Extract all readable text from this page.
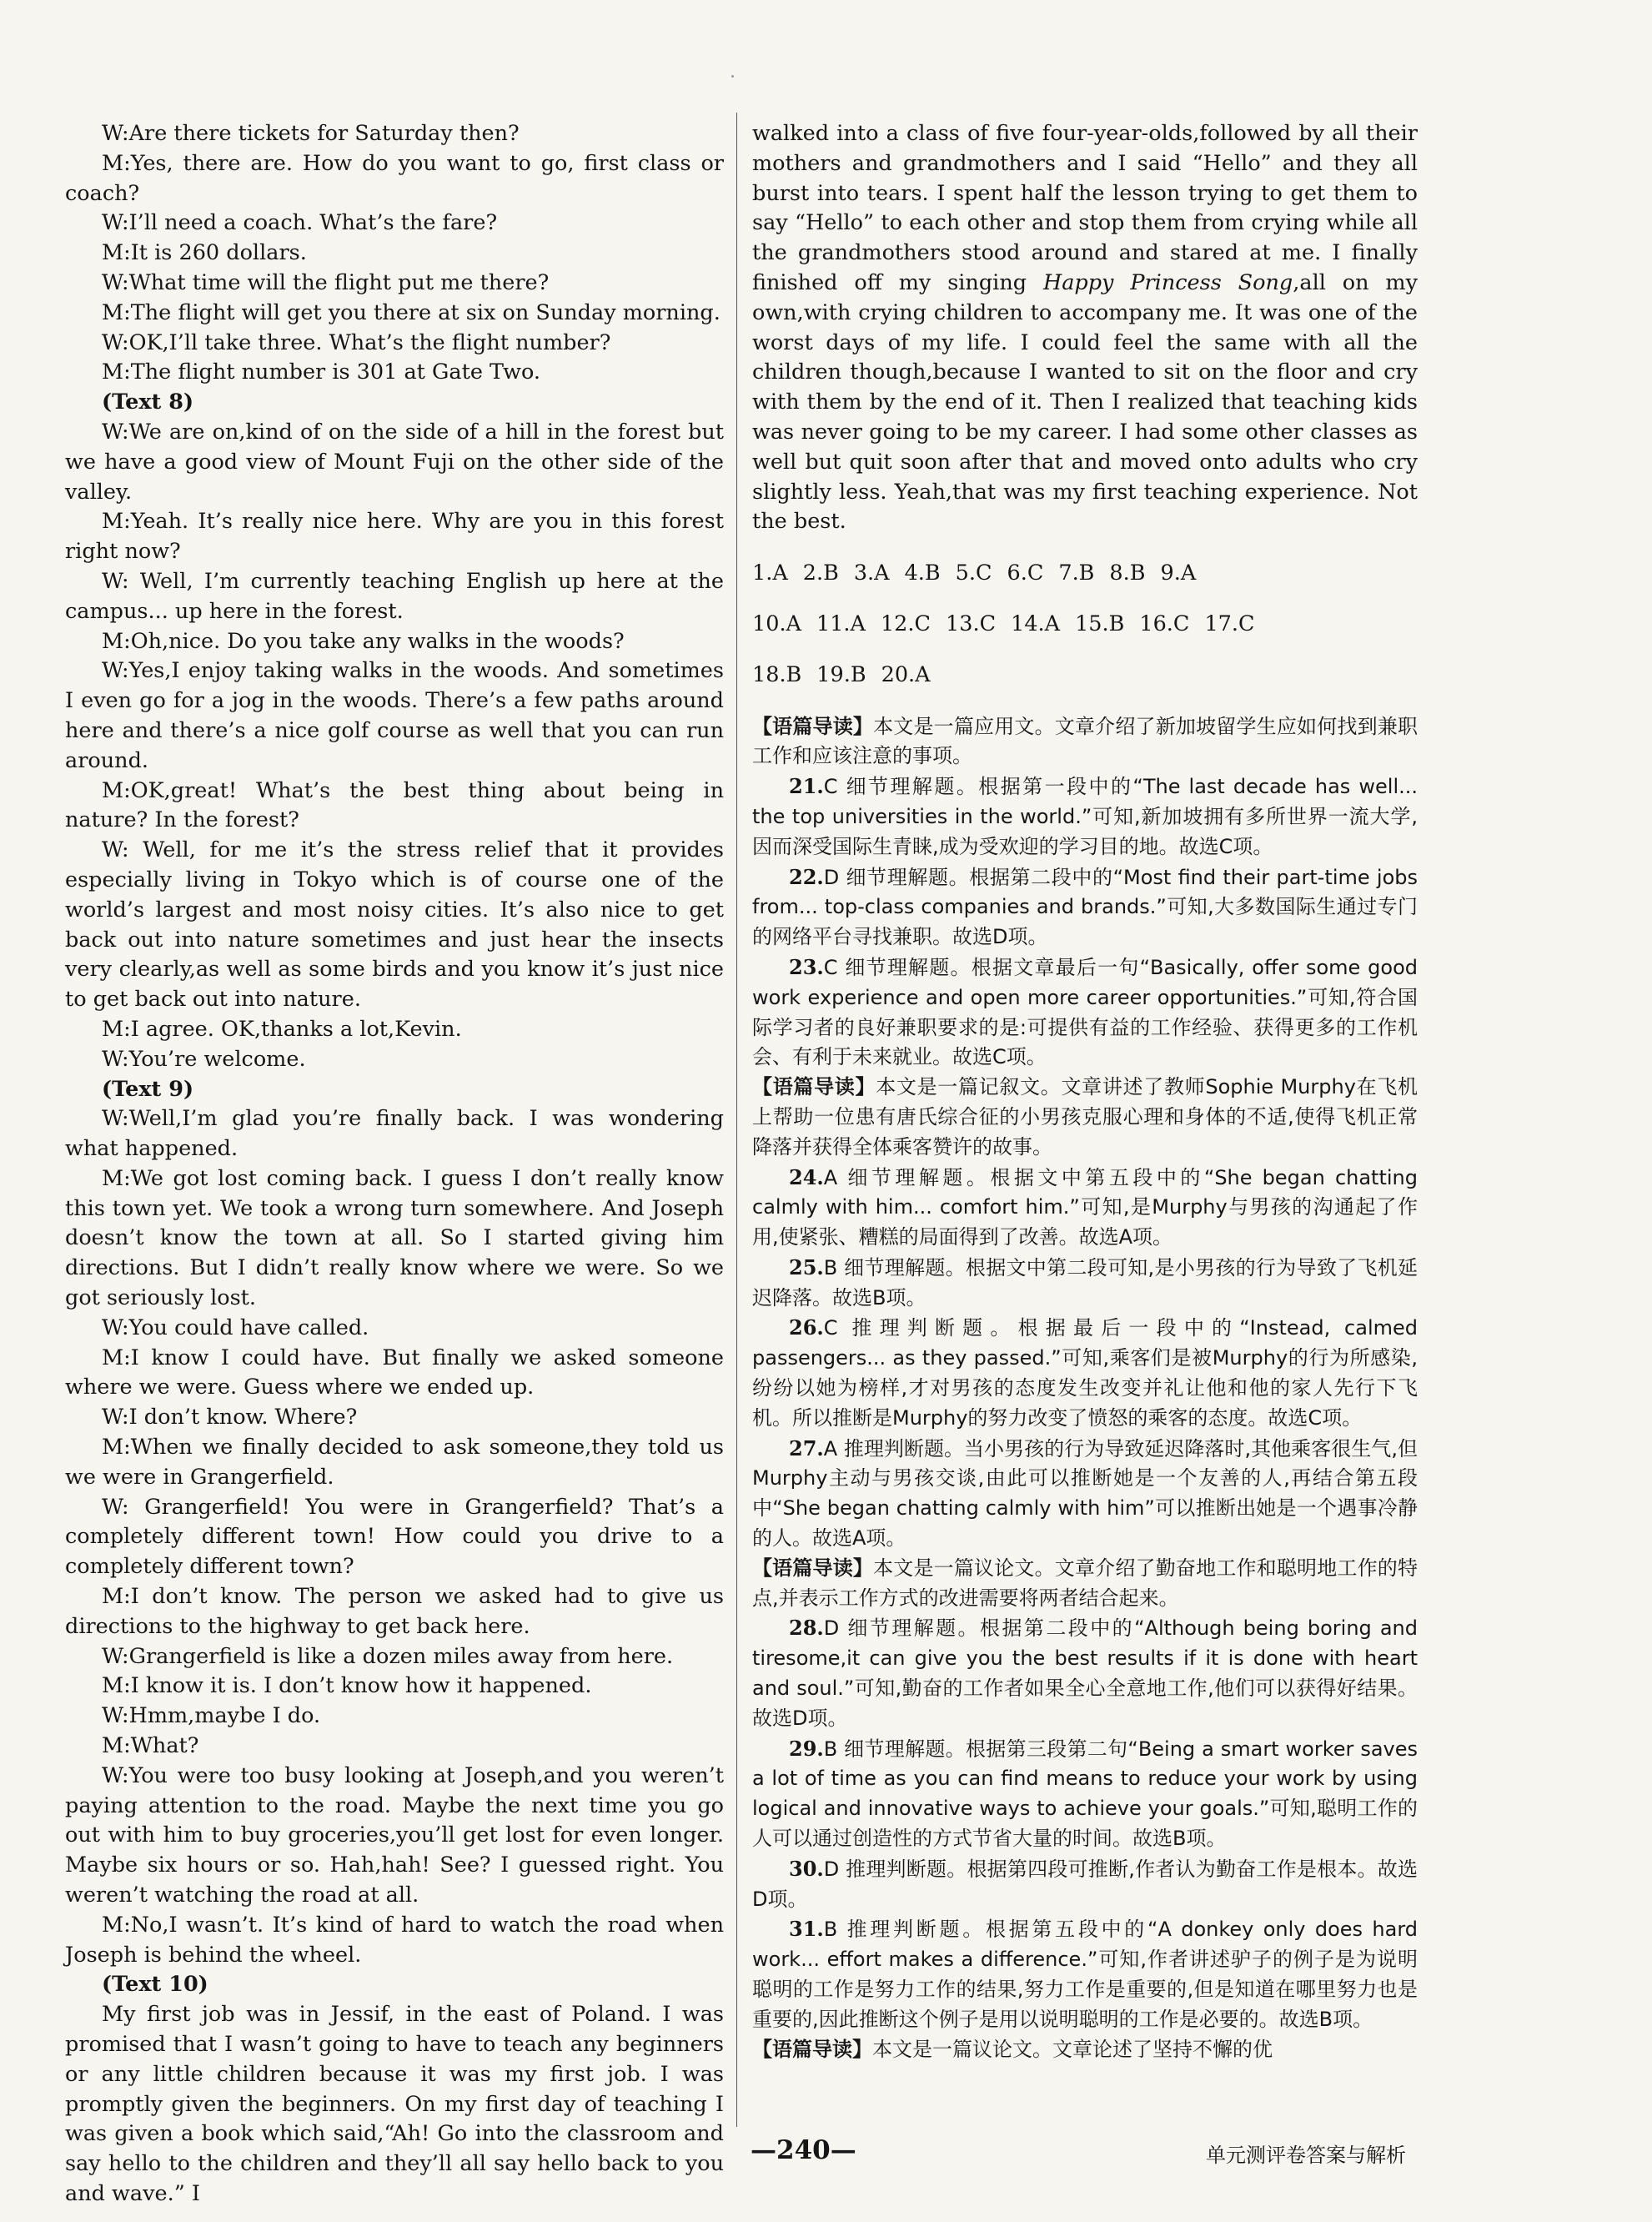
W:Are there tickets for Saturday then?

M:Yes, there are. How do you want to go, first class or coach?

W:I’ll need a coach. What’s the fare?

M:It is 260 dollars.

W:What time will the flight put me there?

M:The flight will get you there at six on Sunday morning.

W:OK,I’ll take three. What’s the flight number?

M:The flight number is 301 at Gate Two.

(Text 8)

W:We are on,kind of on the side of a hill in the forest but we have a good view of Mount Fuji on the other side of the valley.

M:Yeah. It’s really nice here. Why are you in this forest right now?

W: Well, I’m currently teaching English up here at the campus... up here in the forest.

M:Oh,nice. Do you take any walks in the woods?

W:Yes,I enjoy taking walks in the woods. And sometimes I even go for a jog in the woods. There’s a few paths around here and there’s a nice golf course as well that you can run around.

M:OK,great! What’s the best thing about being in nature? In the forest?

W: Well, for me it’s the stress relief that it provides especially living in Tokyo which is of course one of the world’s largest and most noisy cities. It’s also nice to get back out into nature sometimes and just hear the insects very clearly,as well as some birds and you know it’s just nice to get back out into nature.

M:I agree. OK,thanks a lot,Kevin.

W:You’re welcome.

(Text 9)

W:Well,I’m glad you’re finally back. I was wondering what happened.

M:We got lost coming back. I guess I don’t really know this town yet. We took a wrong turn somewhere. And Joseph doesn’t know the town at all. So I started giving him directions. But I didn’t really know where we were. So we got seriously lost.

W:You could have called.

M:I know I could have. But finally we asked someone where we were. Guess where we ended up.

W:I don’t know. Where?

M:When we finally decided to ask someone,they told us we were in Grangerfield.

W: Grangerfield! You were in Grangerfield? That’s a completely different town! How could you drive to a completely different town?

M:I don’t know. The person we asked had to give us directions to the highway to get back here.

W:Grangerfield is like a dozen miles away from here.

M:I know it is. I don’t know how it happened.

W:Hmm,maybe I do.

M:What?

W:You were too busy looking at Joseph,and you weren’t paying attention to the road. Maybe the next time you go out with him to buy groceries,you’ll get lost for even longer. Maybe six hours or so. Hah,hah! See? I guessed right. You weren’t watching the road at all.

M:No,I wasn’t. It’s kind of hard to watch the road when Joseph is behind the wheel.

(Text 10)

My first job was in Jessif, in the east of Poland. I was promised that I wasn’t going to have to teach any beginners or any little children because it was my first job. I was promptly given the beginners. On my first day of teaching I was given a book which said,“Ah! Go into the classroom and say hello to the children and they’ll all say hello back to you and wave.” I

walked into a class of five four-year-olds,followed by all their mothers and grandmothers and I said “Hello” and they all burst into tears. I spent half the lesson trying to get them to say “Hello” to each other and stop them from crying while all the grandmothers stood around and stared at me. I finally finished off my singing Happy Princess Song,all on my own,with crying children to accompany me. It was one of the worst days of my life. I could feel the same with all the children though,because I wanted to sit on the floor and cry with them by the end of it. Then I realized that teaching kids was never going to be my career. I had some other classes as well but quit soon after that and moved onto adults who cry slightly less. Yeah,that was my first teaching experience. Not the best.

1.A 2.B 3.A 4.B 5.C 6.C 7.B 8.B 9.A

10.A 11.A 12.C 13.C 14.A 15.B 16.C 17.C

18.B 19.B 20.A

【语篇导读】本文是一篇应用文。文章介绍了新加坡留学生应如何找到兼职工作和应该注意的事项。

21.C 细节理解题。根据第一段中的“The last decade has well... the top universities in the world.”可知,新加坡拥有多所世界一流大学,因而深受国际生青睐,成为受欢迎的学习目的地。故选C项。

22.D 细节理解题。根据第二段中的“Most find their part-time jobs from... top-class companies and brands.”可知,大多数国际生通过专门的网络平台寻找兼职。故选D项。

23.C 细节理解题。根据文章最后一句“Basically, offer some good work experience and open more career opportunities.”可知,符合国际学习者的良好兼职要求的是:可提供有益的工作经验、获得更多的工作机会、有利于未来就业。故选C项。

【语篇导读】本文是一篇记叙文。文章讲述了教师Sophie Murphy在飞机上帮助一位患有唐氏综合征的小男孩克服心理和身体的不适,使得飞机正常降落并获得全体乘客赞许的故事。

24.A 细节理解题。根据文中第五段中的“She began chatting calmly with him... comfort him.”可知,是Murphy与男孩的沟通起了作用,使紧张、糟糕的局面得到了改善。故选A项。

25.B 细节理解题。根据文中第二段可知,是小男孩的行为导致了飞机延迟降落。故选B项。

26.C 推理判断题。根据最后一段中的“Instead, calmed passengers... as they passed.”可知,乘客们是被Murphy的行为所感染,纷纷以她为榜样,才对男孩的态度发生改变并礼让他和他的家人先行下飞机。所以推断是Murphy的努力改变了愤怒的乘客的态度。故选C项。

27.A 推理判断题。当小男孩的行为导致延迟降落时,其他乘客很生气,但Murphy主动与男孩交谈,由此可以推断她是一个友善的人,再结合第五段中“She began chatting calmly with him”可以推断出她是一个遇事冷静的人。故选A项。

【语篇导读】本文是一篇议论文。文章介绍了勤奋地工作和聪明地工作的特点,并表示工作方式的改进需要将两者结合起来。

28.D 细节理解题。根据第二段中的“Although being boring and tiresome,it can give you the best results if it is done with heart and soul.”可知,勤奋的工作者如果全心全意地工作,他们可以获得好结果。故选D项。

29.B 细节理解题。根据第三段第二句“Being a smart worker saves a lot of time as you can find means to reduce your work by using logical and innovative ways to achieve your goals.”可知,聪明工作的人可以通过创造性的方式节省大量的时间。故选B项。

30.D 推理判断题。根据第四段可推断,作者认为勤奋工作是根本。故选D项。

31.B 推理判断题。根据第五段中的“A donkey only does hard work... effort makes a difference.”可知,作者讲述驴子的例子是为说明聪明的工作是努力工作的结果,努力工作是重要的,但是知道在哪里努力也是重要的,因此推断这个例子是用以说明聪明的工作是必要的。故选B项。

【语篇导读】本文是一篇议论文。文章论述了坚持不懈的优

—240—	单元测评卷答案与解析
